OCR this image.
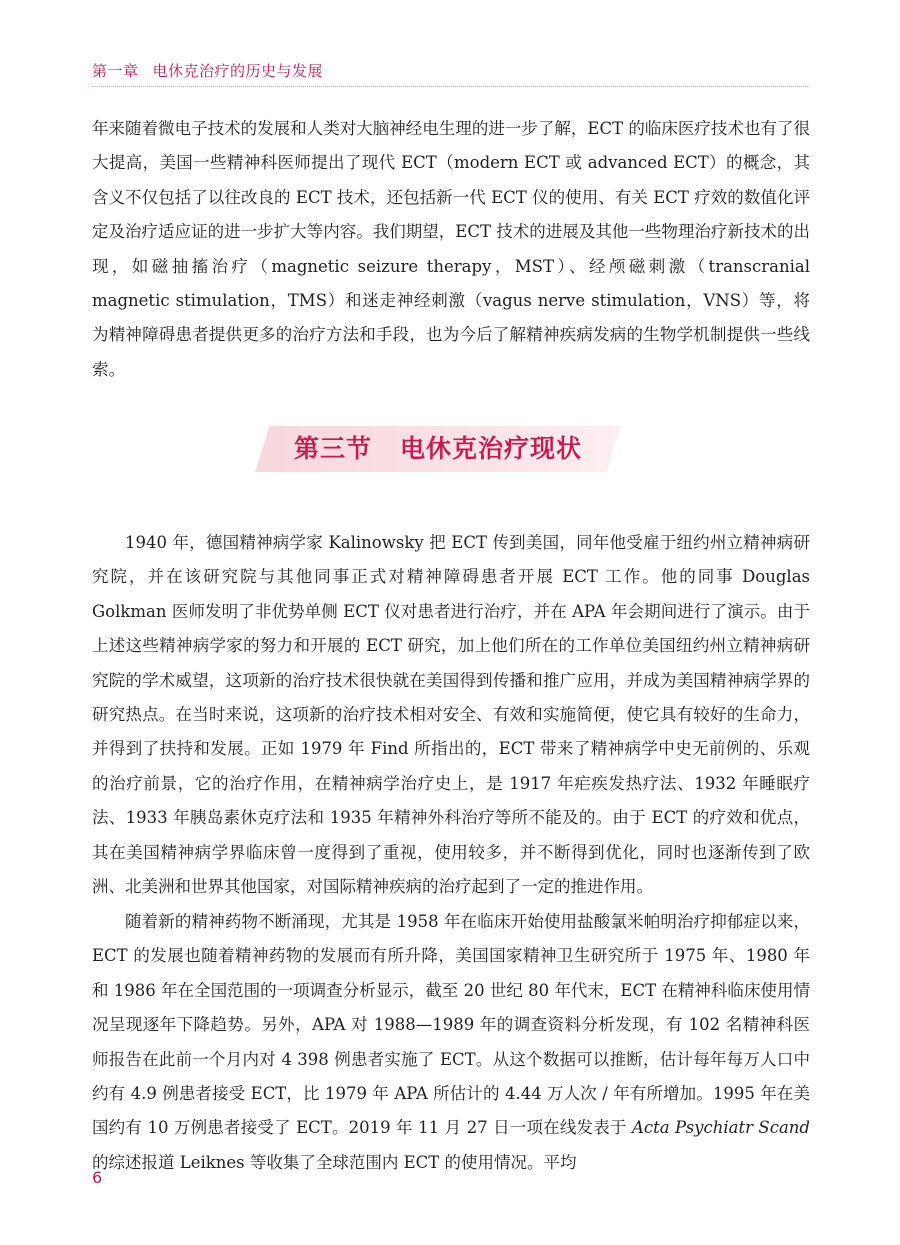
第一章 电休克治疗的历史与发展

年来随着微电子技术的发展和人类对大脑神经电生理的进一步了解，ECT 的临床医疗技术也有了很大提高，美国一些精神科医师提出了现代 ECT（modern ECT 或 advanced ECT）的概念，其含义不仅包括了以往改良的 ECT 技术，还包括新一代 ECT 仪的使用、有关 ECT 疗效的数值化评定及治疗适应证的进一步扩大等内容。我们期望，ECT 技术的进展及其他一些物理治疗新技术的出现，如磁抽搐治疗（magnetic seizure therapy，MST）、经颅磁刺激（transcranial magnetic stimulation，TMS）和迷走神经刺激（vagus nerve stimulation，VNS）等，将为精神障碍患者提供更多的治疗方法和手段，也为今后了解精神疾病发病的生物学机制提供一些线索。

第三节 电休克治疗现状

1940 年，德国精神病学家 Kalinowsky 把 ECT 传到美国，同年他受雇于纽约州立精神病研究院，并在该研究院与其他同事正式对精神障碍患者开展 ECT 工作。他的同事 Douglas Golkman 医师发明了非优势单侧 ECT 仪对患者进行治疗，并在 APA 年会期间进行了演示。由于上述这些精神病学家的努力和开展的 ECT 研究，加上他们所在的工作单位美国纽约州立精神病研究院的学术威望，这项新的治疗技术很快就在美国得到传播和推广应用，并成为美国精神病学界的研究热点。在当时来说，这项新的治疗技术相对安全、有效和实施简便，使它具有较好的生命力，并得到了扶持和发展。正如 1979 年 Find 所指出的，ECT 带来了精神病学中史无前例的、乐观的治疗前景，它的治疗作用，在精神病学治疗史上，是 1917 年疟疾发热疗法、1932 年睡眠疗法、1933 年胰岛素休克疗法和 1935 年精神外科治疗等所不能及的。由于 ECT 的疗效和优点，其在美国精神病学界临床曾一度得到了重视，使用较多，并不断得到优化，同时也逐渐传到了欧洲、北美洲和世界其他国家，对国际精神疾病的治疗起到了一定的推进作用。

随着新的精神药物不断涌现，尤其是 1958 年在临床开始使用盐酸氯米帕明治疗抑郁症以来，ECT 的发展也随着精神药物的发展而有所升降，美国国家精神卫生研究所于 1975 年、1980 年和 1986 年在全国范围的一项调查分析显示，截至 20 世纪 80 年代末，ECT 在精神科临床使用情况呈现逐年下降趋势。另外，APA 对 1988—1989 年的调查资料分析发现，有 102 名精神科医师报告在此前一个月内对 4 398 例患者实施了 ECT。从这个数据可以推断，估计每年每万人口中约有 4.9 例患者接受 ECT，比 1979 年 APA 所估计的 4.44 万人次 / 年有所增加。1995 年在美国约有 10 万例患者接受了 ECT。2019 年 11 月 27 日一项在线发表于 Acta Psychiatr Scand 的综述报道 Leiknes 等收集了全球范围内 ECT 的使用情况。平均

6
